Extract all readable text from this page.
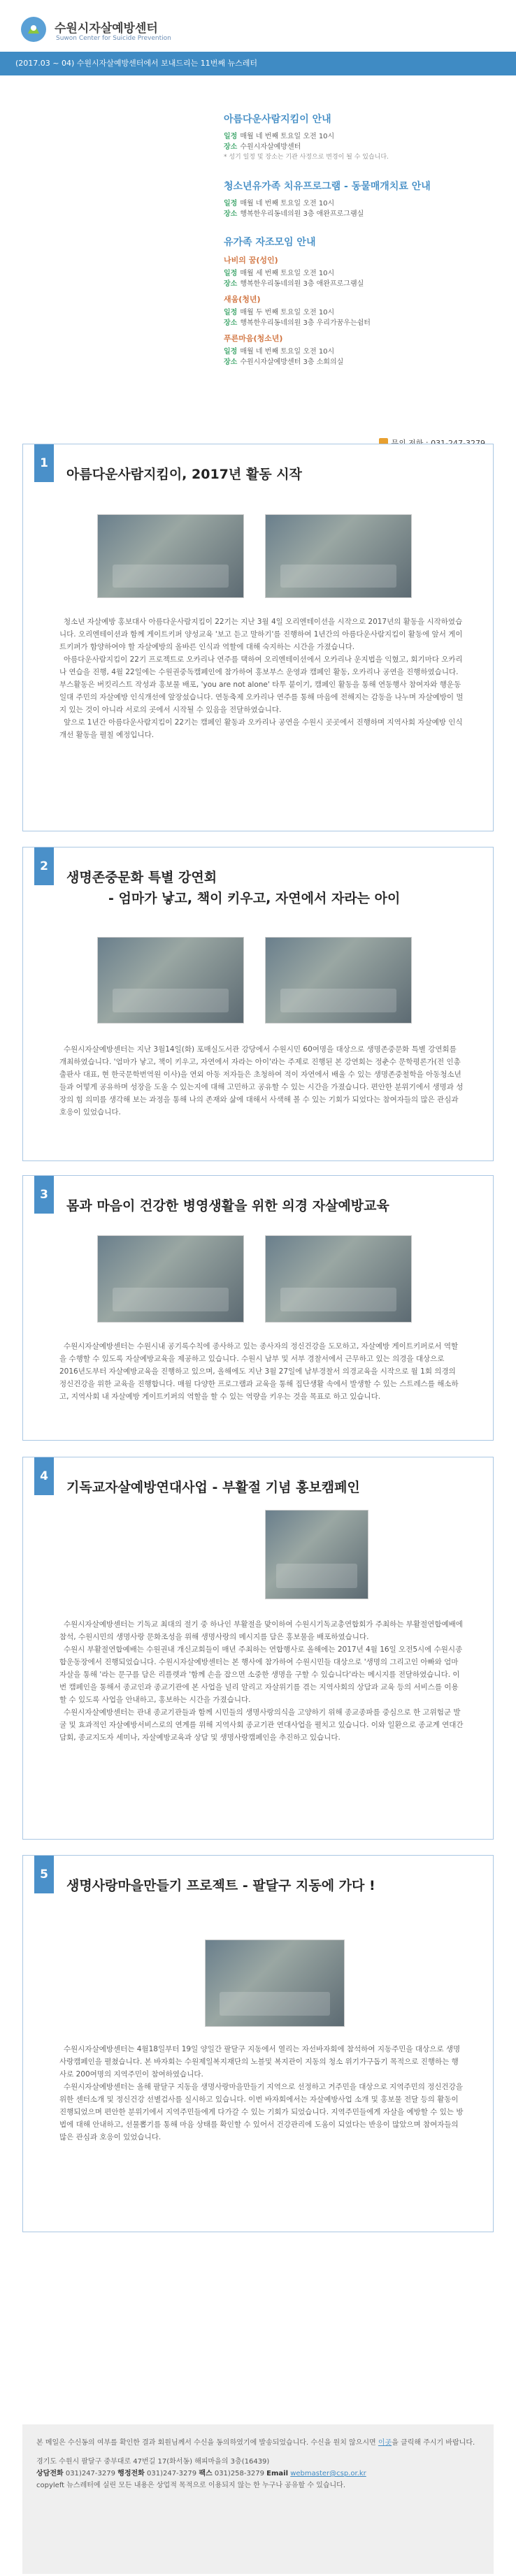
수원시자살예방센터
Suwon Center for Suicide Prevention
(2017.03 ~ 04) 수원시자살예방센터에서 보내드리는 11번째 뉴스레터
아름다운사람지킴이 안내
일정 매월 네 번째 토요일 오전 10시
장소 수원시자살예방센터
* 성기 일정 및 장소는 기관 사정으로 변경이 될 수 있습니다.
청소년유가족 치유프로그램 - 동물매개치료 안내
일정 매월 네 번째 토요일 오전 10시
장소 행복한우리동네의원 3층 애완프로그램실
유가족 자조모임 안내
나비의 꿈(성인)
일정 매월 세 번째 토요일 오전 10시
장소 행복한우리동네의원 3층 애완프로그램실
새움(청년)
일정 매월 두 번째 토요일 오전 10시
장소 행복한우리동네의원 3층 우리가꿈우는쉼터
푸른마음(청소년)
일정 매월 네 번째 토요일 오전 10시
장소 수원시자살예방센터 3층 소회의실
1
아름다운사람지킴이, 2017년 활동 시작

청소년 자살예방 홍보대사 아름다운사람지킴이 22기는 지난 3월 4일 오리엔테이션을 시작으로 2017년의 활동을 시작하였습니다. 오리엔테이션과 함께 게이트키퍼 양성교육 '보고 듣고 말하기'를 진행하여 1년간의 아름다운사람지킴이 활동에 앞서 게이트키퍼가 함양하여야 할 자살예방의 올바른 인식과 역할에 대해 숙지하는 시간을 가졌습니다.

아름다운사람지킴이 22기 프로젝트로 오카리나 연주를 택하여 오리엔테이션에서 오카리나 운지법을 익혔고, 회기마다 오카리나 연습을 진행, 4월 22일에는 수원권중독캠페인에 참가하여 홍보부스 운영과 캠페인 활동, 오카리나 공연을 진행하였습니다. 부스활동은 버킷리스트 작성과 홍보물 배포, 'you are not alone' 타투 붙이기, 캠페인 활동을 통해 연동행사 참여자와 행운동 일대 주민의 자살예방 인식개선에 앞장섰습니다. 연동축제 오카리나 연주를 통해 마음에 전해지는 감동을 나누며 자살예방이 멀지 있는 것이 아니라 서로의 곳에서 시작될 수 있음을 전달하였습니다.

앞으로 1년간 아름다운사람지킴이 22기는 캠페인 활동과 오카리나 공연을 수원시 곳곳에서 진행하며 지역사회 자살예방 인식개선 활동을 펼칠 예정입니다.

2
생명존중문화 특별 강연회
- 엄마가 낳고, 책이 키우고, 자연에서 자라는 아이

수원시자살예방센터는 지난 3월14일(화) 포매실도서관 강당에서 수원시민 60여명을 대상으로 생명존중문화 특별 강연회를 개최하였습니다. '엄마가 낳고, 책이 키우고, 자연에서 자라는 아이'라는 주제로 진행된 본 강연회는 정춘수 문학평론가(전 인총출판사 대표, 현 한국문학번역원 이사)을 연외 아동 저자들은 초청하여 적이 자연에서 배울 수 있는 생명존중철학을 아동청소년들과 어떻게 공유하며 성장을 도울 수 있는지에 대해 고민하고 공유할 수 있는 시간을 가졌습니다. 편안한 분위기에서 생명과 성장의 힘 의미를 생각해 보는 과정을 통해 나의 존재와 삶에 대해서 사색해 볼 수 있는 기회가 되었다는 참여자들의 많은 관심과 호응이 있었습니다.

3
몸과 마음이 건강한 병영생활을 위한 의경 자살예방교육

수원시자살예방센터는 수원시내 공기록수칙에 종사하고 있는 종사자의 정신건강을 도모하고, 자살예방 게이트키퍼로서 역할을 수행할 수 있도록 자살예방교육을 제공하고 있습니다. 수원시 남부 및 서부 경찰서에서 근무하고 있는 의경을 대상으로 2016년도부터 자살예방교육을 진행하고 있으며, 올해에도 지난 3월 27일에 남부경찰서 의경교육을 시작으로 월 1회 의경의 정신건강을 위한 교육을 진행합니다. 매월 다양한 프로그램과 교육을 통해 집단생활 속에서 발생할 수 있는 스트레스를 해소하고, 지역사회 내 자살예방 게이트키퍼의 역할을 할 수 있는 역량을 키우는 것을 목표로 하고 있습니다.

4
기독교자살예방연대사업 - 부활절 기념 홍보캠페인

수원시자살예방센터는 기독교 최대의 절기 중 하나인 부활절을 맞이하여 수원시기독교총연합회가 주최하는 부활절연합예배에 참석, 수원시민의 생명사랑 문화조성을 위해 생명사랑의 메시지를 담은 홍보물을 배포하였습니다.

수원시 부활절연합예배는 수원권내 개신교회들이 매년 주최하는 연합행사로 올해에는 2017년 4월 16일 오전5시에 수원시종합운동장에서 진행되었습니다. 수원시자살예방센터는 본 행사에 참가하여 수원시민들 대상으로 '생명의 그리고인 아빠와 엄마 자살을 통해 '라는 문구를 담은 리플렛과 '함께 손을 잡으면 소중한 생명을 구할 수 있습니다'라는 메시지를 전달하였습니다. 이번 캠페인을 통해서 종교인과 종교기관에 본 사업을 널리 알리고 자살위기를 겪는 지역사회의 상담과 교육 등의 서비스를 이용할 수 있도록 사업을 안내하고, 홍보하는 시간을 가졌습니다.

수원시자살예방센터는 관내 종교기관들과 함께 시민들의 생명사랑의식을 고양하기 위해 종교종파를 중심으로 한 고위험군 발굴 및 효과적인 자살예방서비스로의 연계를 위해 지역사회 종교기관 연대사업을 펼치고 있습니다. 이와 일환으로 종교계 연대간담회, 종교지도자 세미나, 자살예방교육과 상담 및 생명사랑캠페인을 추진하고 있습니다.

5
생명사랑마을만들기 프로젝트 - 팔달구 지동에 가다 !

수원시자살예방센터는 4월18일부터 19일 양일간 팔달구 지동에서 열리는 자선바자회에 참석하여 지동주민을 대상으로 생명사랑캠페인을 펼쳤습니다. 본 바자회는 수원제일복지재단의 노블및 복지관이 지동의 청소 위기가구돕기 목적으로 진행하는 행사로 200여명의 지역주민이 참여하였습니다.

수원시자살예방센터는 올해 팔달구 지동을 생명사랑마을만들기 지역으로 선정하고 거주민을 대상으로 지역주민의 정신건강을 위한 센터소개 및 정신건강 선별검사를 실시하고 있습니다. 이번 바자회에서는 자살예방사업 소개 및 홍보물 전달 등의 활동이 진행되었으며 편안한 분위기에서 지역주민들에게 다가갈 수 있는 기회가 되었습니다. 지역주민들에게 자살을 예방할 수 있는 방법에 대해 안내하고, 선물뽑기를 통해 마음 상태를 확인할 수 있어서 건강관리에 도움이 되었다는 반응이 많았으며 참여자들의 많은 관심과 호응이 있었습니다.

본 메일은 수신동의 여부를 확인한 결과 회원님께서 수신을 동의하였기에 발송되었습니다. 수신을 원치 않으시면 이곳을 클릭해 주시기 바랍니다.
경기도 수원시 팔달구 중부대로 47번길 17(화서동) 해피마을의 3층(16439)
상담전화 031)247-3279 행정전화 031)247-3279 팩스 031)258-3279 Email webmaster@csp.or.kr
copyleft 뉴스레터에 실린 모든 내용은 상업적 목적으로 이용되지 않는 한 누구나 공유할 수 있습니다.
